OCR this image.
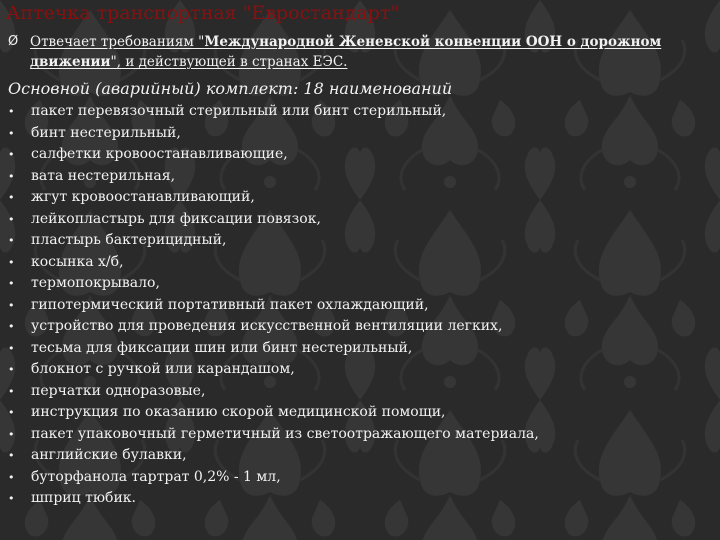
Аптечка транспортная "Евростандарт"
Ø Отвечает требованиям "Международной Женевской конвенции ООН о дорожном движении", и действующей в странах ЕЭС.
Основной (аварийный) комплект: 18 наименований
•	пакет перевязочный стерильный или бинт стерильный,
•	бинт нестерильный,
•	салфетки кровоостанавливающие,
•	вата нестерильная,
•	жгут кровоостанавливающий,
•	лейкопластырь для фиксации повязок,
•	пластырь бактерицидный,
•	косынка х/б,
•	термопокрывало,
•	гипотермический портативный пакет охлаждающий,
•	устройство для проведения искусственной вентиляции легких,
•	тесьма для фиксации шин или бинт нестерильный,
•	блокнот с ручкой или карандашом,
•	перчатки одноразовые,
•	инструкция по оказанию скорой медицинской помощи,
•	пакет упаковочный герметичный из светоотражающего материала,
•	английские булавки,
•	буторфанола тартрат 0,2% - 1 мл,
•	шприц тюбик.
